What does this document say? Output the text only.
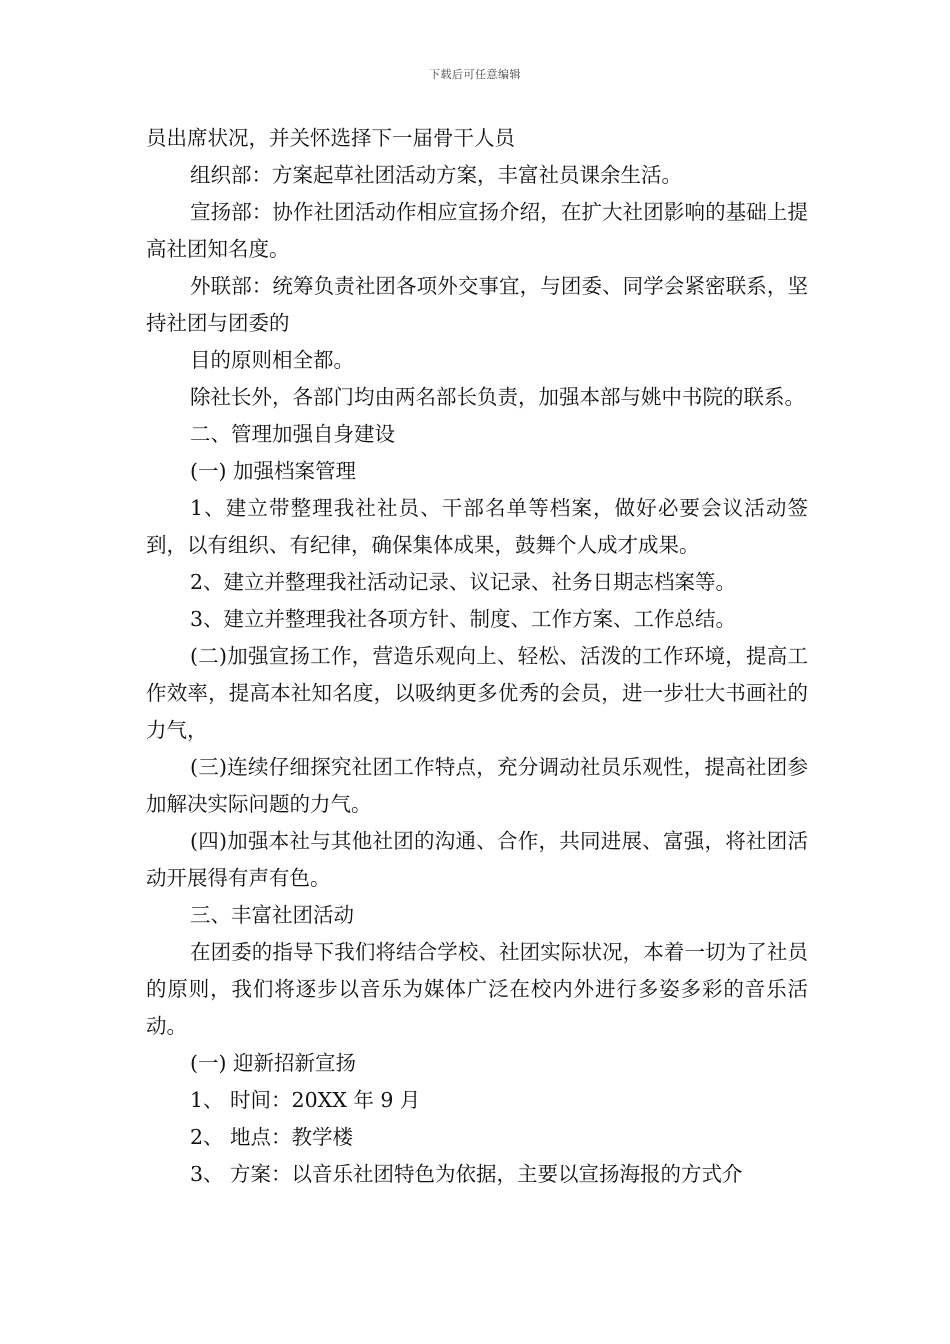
下载后可任意编辑

员出席状况，并关怀选择下一届骨干人员

组织部：方案起草社团活动方案，丰富社员课余生活。

宣扬部：协作社团活动作相应宣扬介绍，在扩大社团影响的基础上提高社团知名度。

外联部：统筹负责社团各项外交事宜，与团委、同学会紧密联系，坚持社团与团委的

目的原则相全都。

除社长外，各部门均由两名部长负责，加强本部与姚中书院的联系。

二、管理加强自身建设

(一) 加强档案管理

1、建立带整理我社社员、干部名单等档案，做好必要会议活动签到，以有组织、有纪律，确保集体成果，鼓舞个人成才成果。

2、建立并整理我社活动记录、议记录、社务日期志档案等。

3、建立并整理我社各项方针、制度、工作方案、工作总结。

(二)加强宣扬工作，营造乐观向上、轻松、活泼的工作环境，提高工作效率，提高本社知名度，以吸纳更多优秀的会员，进一步壮大书画社的力气，

(三)连续仔细探究社团工作特点，充分调动社员乐观性，提高社团参加解决实际问题的力气。

(四)加强本社与其他社团的沟通、合作，共同进展、富强，将社团活动开展得有声有色。

三、丰富社团活动

在团委的指导下我们将结合学校、社团实际状况，本着一切为了社员的原则，我们将逐步以音乐为媒体广泛在校内外进行多姿多彩的音乐活动。

(一) 迎新招新宣扬

1、 时间：20XX 年 9 月

2、 地点：教学楼

3、 方案：以音乐社团特色为依据，主要以宣扬海报的方式介
